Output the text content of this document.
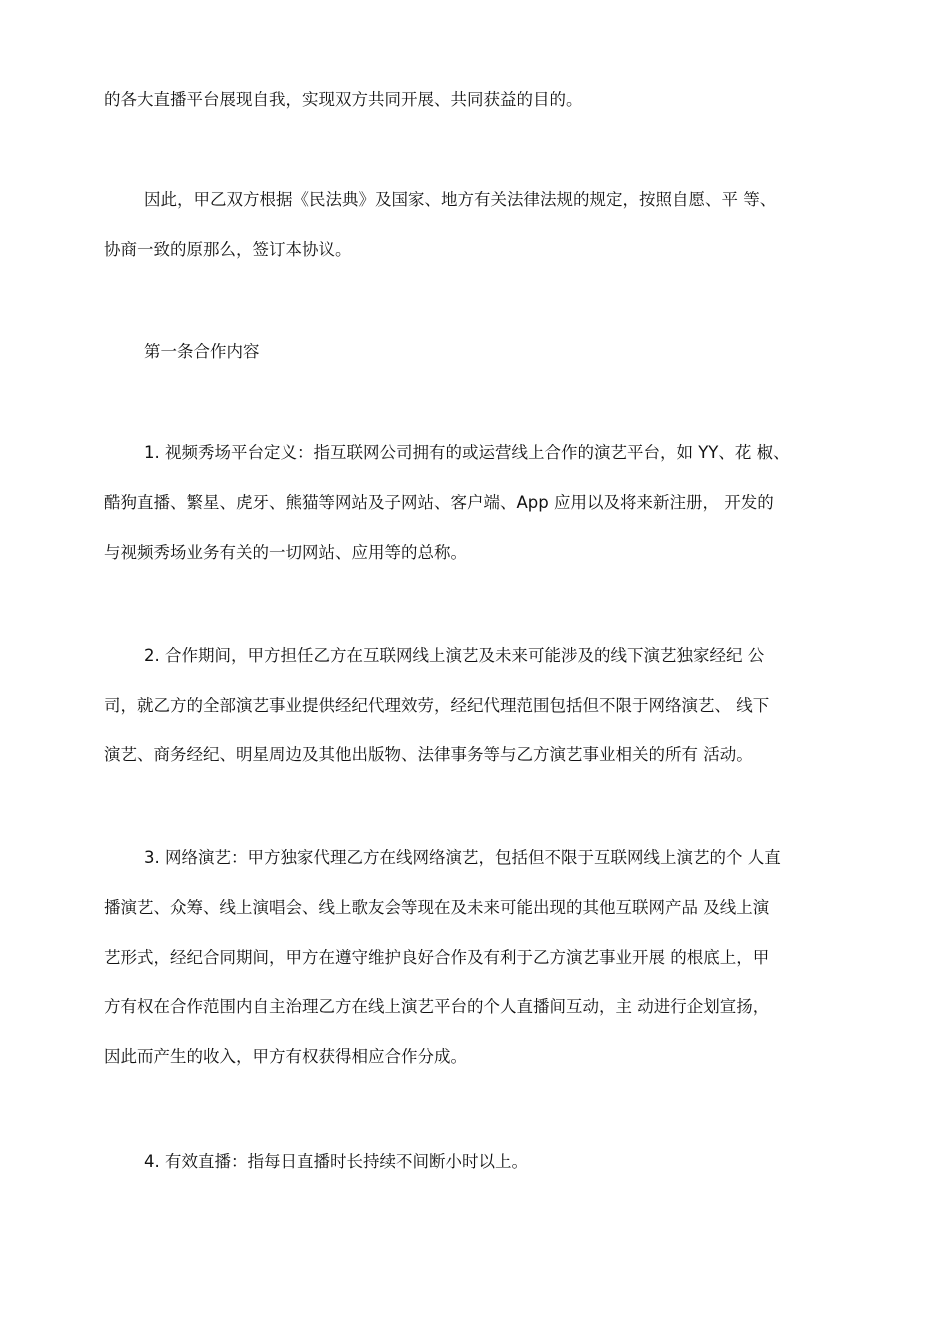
的各大直播平台展现自我，实现双方共同开展、共同获益的目的。
因此，甲乙双方根据《民法典》及国家、地方有关法律法规的规定，按照自愿、平 等、
协商一致的原那么，签订本协议。
第一条合作内容
1. 视频秀场平台定义：指互联网公司拥有的或运营线上合作的演艺平台，如 YY、花 椒、
酷狗直播、繁星、虎牙、熊猫等网站及子网站、客户端、App 应用以及将来新注册， 开发的
与视频秀场业务有关的一切网站、应用等的总称。
2. 合作期间，甲方担任乙方在互联网线上演艺及未来可能涉及的线下演艺独家经纪 公
司，就乙方的全部演艺事业提供经纪代理效劳，经纪代理范围包括但不限于网络演艺、 线下
演艺、商务经纪、明星周边及其他出版物、法律事务等与乙方演艺事业相关的所有 活动。
3. 网络演艺：甲方独家代理乙方在线网络演艺，包括但不限于互联网线上演艺的个 人直
播演艺、众筹、线上演唱会、线上歌友会等现在及未来可能出现的其他互联网产品 及线上演
艺形式，经纪合同期间，甲方在遵守维护良好合作及有利于乙方演艺事业开展 的根底上，甲
方有权在合作范围内自主治理乙方在线上演艺平台的个人直播间互动，主 动进行企划宣扬，
因此而产生的收入，甲方有权获得相应合作分成。
4. 有效直播：指每日直播时长持续不间断小时以上。
